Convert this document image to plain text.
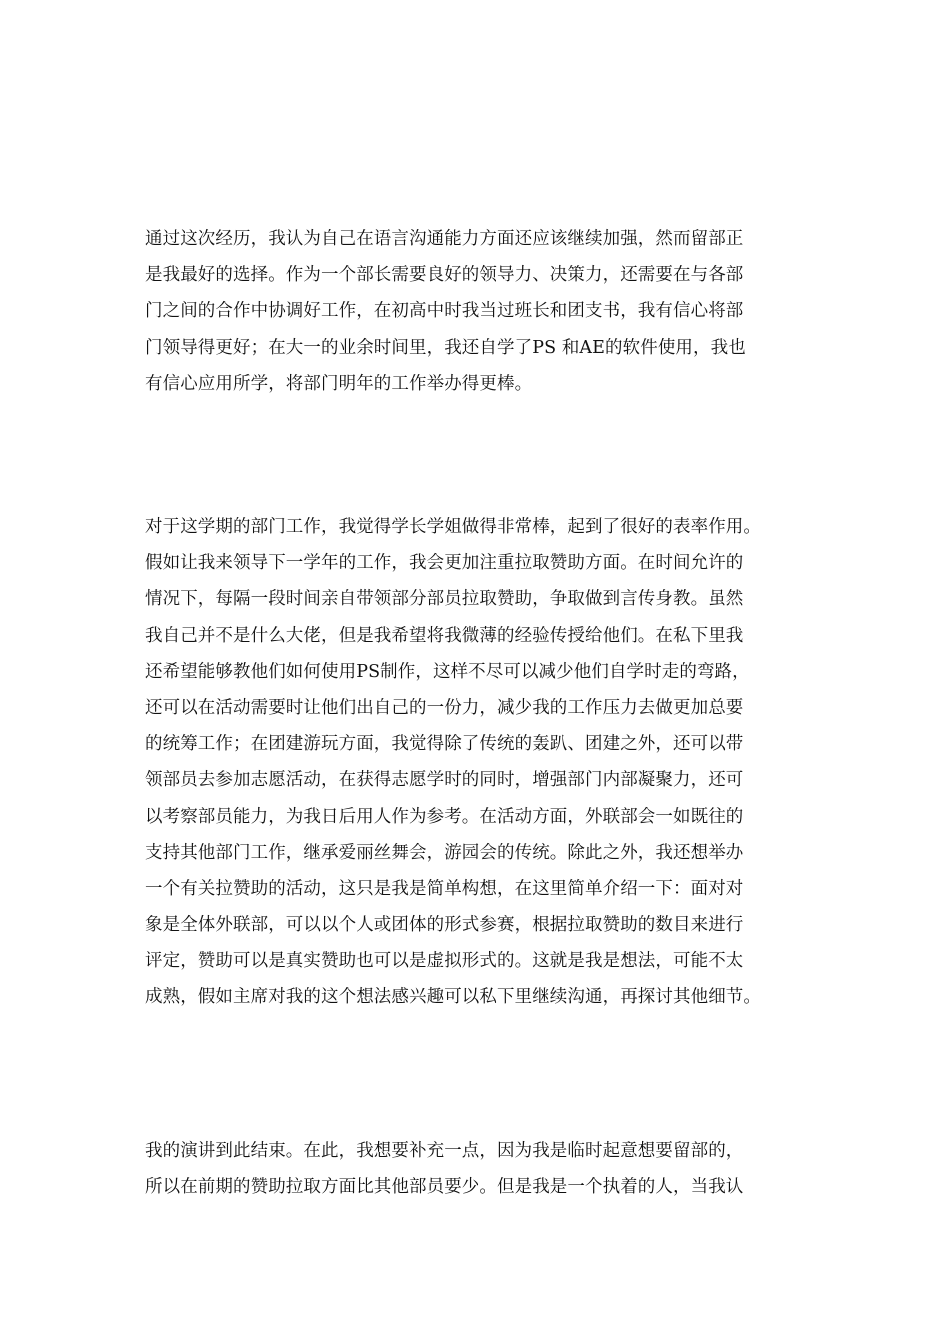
通过这次经历，我认为自己在语言沟通能力方面还应该继续加强，然而留部正
是我最好的选择。作为一个部长需要良好的领导力、决策力，还需要在与各部
门之间的合作中协调好工作，在初高中时我当过班长和团支书，我有信心将部
门领导得更好；在大一的业余时间里，我还自学了PS 和AE的软件使用，我也
有信心应用所学，将部门明年的工作举办得更棒。
对于这学期的部门工作，我觉得学长学姐做得非常棒，起到了很好的表率作用。
假如让我来领导下一学年的工作，我会更加注重拉取赞助方面。在时间允许的
情况下，每隔一段时间亲自带领部分部员拉取赞助，争取做到言传身教。虽然
我自己并不是什么大佬，但是我希望将我微薄的经验传授给他们。在私下里我
还希望能够教他们如何使用PS制作，这样不尽可以减少他们自学时走的弯路，
还可以在活动需要时让他们出自己的一份力，减少我的工作压力去做更加总要
的统筹工作；在团建游玩方面，我觉得除了传统的轰趴、团建之外，还可以带
领部员去参加志愿活动，在获得志愿学时的同时，增强部门内部凝聚力，还可
以考察部员能力，为我日后用人作为参考。在活动方面，外联部会一如既往的
支持其他部门工作，继承爱丽丝舞会，游园会的传统。除此之外，我还想举办
一个有关拉赞助的活动，这只是我是简单构想，在这里简单介绍一下：面对对
象是全体外联部，可以以个人或团体的形式参赛，根据拉取赞助的数目来进行
评定，赞助可以是真实赞助也可以是虚拟形式的。这就是我是想法，可能不太
成熟，假如主席对我的这个想法感兴趣可以私下里继续沟通，再探讨其他细节。
我的演讲到此结束。在此，我想要补充一点，因为我是临时起意想要留部的，
所以在前期的赞助拉取方面比其他部员要少。但是我是一个执着的人，当我认
